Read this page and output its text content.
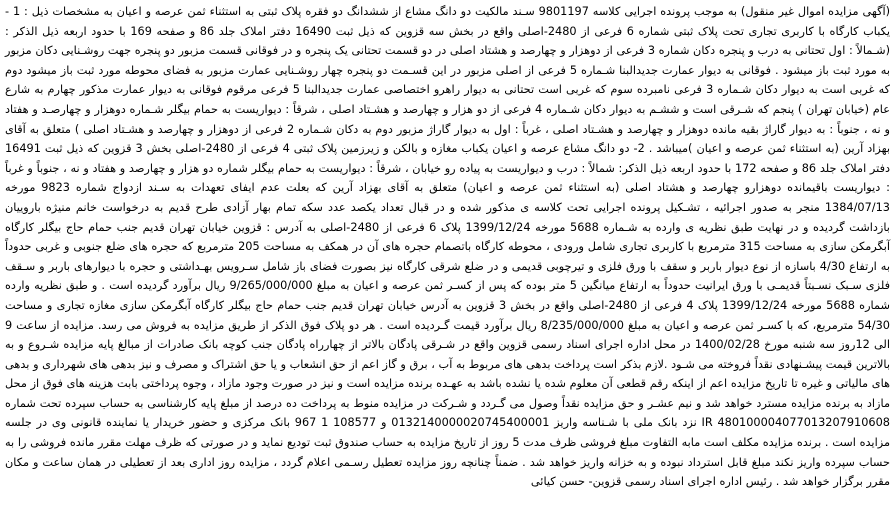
(آگهی مزایده اموال غیر منقول) به موجب پرونده اجرایی کلاسه 9801197 سـند مالکیت دو دانگ مشاع از ششدانگ دو فقره پلاک ثبتی به استثناء ثمن عرصه و اعیان به مشخصات ذیل : 1 - یکباب کارگاه با کاربری تجاری تحت پلاک ثبتی شماره 6 فرعی از 2480-اصلی واقع در بخش سه قزوین که ذیل ثبت 16490 دفتر املاک جلد 86 و صفحه 169 با حدود اربعه ذیل الذکر : (شـمالاً : اول تحتانی به درب و پنجره دکان شماره 3 فرعی از دوهزار و چهارصد و هشتاد اصلی در دو قسمت تحتانی یک پنجره و در فوقانی قسمت مزبور دو پنجره جهت روشـنایی دکان مزبور به مورد ثبت باز میشود . فوقانی به دیوار عمارت جدیدالبنا شـماره 5 فرعی از اصلی مزبور در این قسـمت دو پنجره چهار روشـنایی عمارت مزبور به فضای محوطه مورد ثبت باز میشود دوم که غربی است به دیوار دکان شـماره 3 فرعی نامبرده سوم که غربی است تحتانی به دیوار راهرو اختصاصی عمارت جدیدالبنا 5 فرعی مرقوم فوقانی به دیوار عمارت مذکور چهارم به شارع عام (خیابان تهران ) پنجم که شـرقی است و ششـم به دیوار دکان شـماره 4 فرعی از دو هزار و چهارصد و هشـتاد اصلی ، شرقاً : دیواریست به حمام بیگلر شـماره دوهزار و چهارصـد و هفتاد و نه ، جنوباً : به دیوار گاراژ بقیه مانده دوهزار و چهارصد و هشـتاد اصلی ، غرباً : اول به دیوار گاراژ مزبور دوم به دکان شـماره 2 فرعی از دوهزار و چهارصد و هشـتاد اصلی ) متعلق به آقای بهزاد آرین (به استثناء ثمن عرصه و اعیان )میباشد . 2- دو دانگ مشاع عرصه و اعیان یکباب مغازه و بالکن و زیرزمین پلاک ثبتی 4 فرعی از 2480-اصلی بخش 3 قزوین که ذیل ثبت 16491 دفتر املاک جلد 86 و صفحه 172 با حدود اربعه ذیل الذکر: شمالاً : درب و دیواریست به پیاده رو خیابان ، شرقاً : دیواریست به حمام بیگلر شماره دو هزار و چهارصد و هفتاد و نه ، جنوباً و غرباً : دیواریست باقیمانده دوهزارو چهارصد و هشتاد اصلی (به استثناء ثمن عرصه و اعیان) متعلق به آقای بهزاد آرین که بعلت عدم ایفای تعهدات به سـند ازدواج شماره 9823 مورخه 1384/07/13 منجر به صدور اجرائیه ، تشـکیل پرونده اجرایی تحت کلاسه ی مذکور شده و در قبال تعداد یکصد عدد سکه تمام بهار آزادی طرح قدیم به درخواست خانم منیژه باروییان بازداشت گردیده و در نهایت طبق نظریه ی وارده به شـماره 5688 مورخه 1399/12/24 پلاک 6 فرعی از 2480-اصلی به آدرس : قزوین خیابان تهران قدیم جنب حمام حاج بیگلر کارگاه آبگرمکن سازی به مساحت 315 مترمربع با کاربری تجاری شامل ورودی ، محوطه کارگاه باتصمام حجره های آن در همکف به مساحت 205 مترمربع که حجره های ضلع جنوبی و غربی حدوداً به ارتفاع 4/30 باسازه از نوع دیوار باربر و سقف با ورق فلزی و تیرچوبی قدیمی و در ضلع شرقی کارگاه نیز بصورت فضای باز شامل سـرویس بهـداشتی و حجره با دیوارهای باربر و سـقف فلزی سـبک نسـبتاً قدیمـی با ورق ایرانیت حدوداً به ارتفاع میانگین 5 متر بوده که پس از کسـر ثمن عرصه و اعیان به مبلغ 9/265/000/000 ریال برآورد گردیده است . و طبق نظریه وارده شماره 5688 مورخه 1399/12/24 پلاک 4 فرعی از 2480-اصلی واقع در بخش 3 قزوین به آدرس خیابان تهران قدیم جنب حمام حاج بیگلر کارگاه آبگرمکن سازی مغازه تجاری و مساحت 54/30 مترمربع، که با کسـر ثمن عرصه و اعیان به مبلغ 8/235/000/000 ریال برآورد قیمت گـردیده است . هر دو پلاک فوق الذکر از طریق مزایده به فروش می رسد. مزایده از ساعت 9 الی 12روز سه شنبه مورخ 1400/02/28 در محل اداره اجرای اسناد رسمی قزوین واقع در شـرقی پادگان بالاتر از چهارراه پادگان جنب کوچه بانک صادرات از مبالغ پایه مزایده شـروع و به بالاترین قیمت پیشـنهادی نقداً فروخته می شـود .لازم بذکر است پرداخت بدهی های مربوط به آب ، برق و گاز اعم از حق انشعاب و یا حق اشتراک و مصرف و نیز بدهی های شهرداری و بدهی های مالیاتی و غیره تا تاریخ مزایده اعم از اینکه رقم قطعی آن معلوم شده یا نشده باشد به عهـده برنده مزایده است و نیز در صورت وجود مازاد ، وجوه پرداختی بابت هزینه های فوق از محل مازاد به برنده مزایده مسترد خواهد شد و نیم عشـر و حق مزایده نقداً وصول می گـردد و شـرکت در مزایده منوط به پرداخت ده درصد از مبلغ پایه کارشناسی به حساب سپرده تحت شماره IR 480100004077013207910608 نزد بانک ملی با شـناسه واریز 0132140000020745400001 و 108577 1 967 بانک مرکزی و حضور خریدار یا نماینده قانونی وی در جلسه مزایده است . برنده مزایده مکلف است مابه التفاوت مبلغ فروشی ظرف مدت 5 روز از تاریخ مزایده به حساب صندوق ثبت تودیع نماید و در صورتی که ظرف مهلت مقرر مانده فروشی را به حساب سپرده واریز نکند مبلغ قابل استرداد نبوده و به خزانه واریز خواهد شد . ضمناً چنانچه روز مزایده تعطیل رسـمی اعلام گردد ، مزایده روز اداری بعد از تعطیلی در همان ساعت و مکان مقرر برگزار خواهد شد . رئیس اداره اجرای اسناد رسمی قزوین- حسن کیائی
